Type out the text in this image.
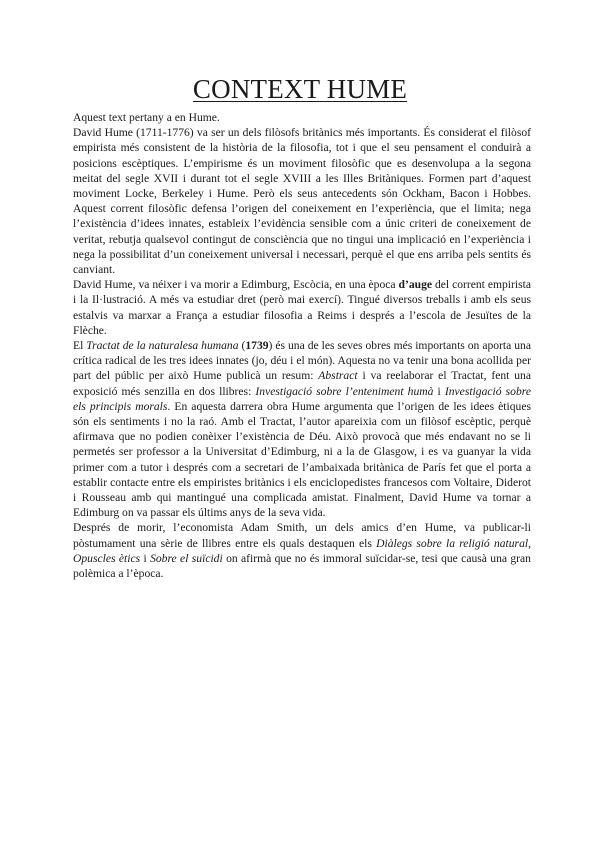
CONTEXT HUME

Aquest text pertany a en Hume.

David Hume (1711-1776) va ser un dels filòsofs britànics més importants. És considerat el filòsof empirista més consistent de la història de la filosofia, tot i que el seu pensament el conduirà a posicions escèptiques. L’empirisme és un moviment filosòfic que es desenvolupa a la segona meitat del segle XVII i durant tot el segle XVIII a les Illes Britàniques. Formen part d’aquest moviment Locke, Berkeley i Hume. Però els seus antecedents són Ockham, Bacon i Hobbes. Aquest corrent filosòfic defensa l’origen del coneixement en l’experiència, que el limita; nega l’existència d’idees innates, estableix l’evidència sensible com a únic criteri de coneixement de veritat, rebutja qualsevol contingut de consciència que no tingui una implicació en l’experiència i nega la possibilitat d’un coneixement universal i necessari, perquè el que ens arriba pels sentits és canviant.

David Hume, va néixer i va morir a Edimburg, Escòcia, en una època d’auge del corrent empirista i la Il·lustració. A més va estudiar dret (però mai exercí). Tingué diversos treballs i amb els seus estalvis va marxar a França a estudiar filosofia a Reims i després a l’escola de Jesuïtes de la Flèche.

El Tractat de la naturalesa humana (1739) és una de les seves obres més importants on aporta una crítica radical de les tres idees innates (jo, déu i el món). Aquesta no va tenir una bona acollida per part del públic per això Hume publicà un resum: Abstract i va reelaborar el Tractat, fent una exposició més senzilla en dos llibres: Investigació sobre l’enteniment humà i Investigació sobre els principis morals. En aquesta darrera obra Hume argumenta que l’origen de les idees ètiques són els sentiments i no la raó. Amb el Tractat, l’autor apareixia com un filòsof escèptic, perquè afirmava que no podien conèixer l’existència de Déu. Això provocà que més endavant no se li permetés ser professor a la Universitat d’Edimburg, ni a la de Glasgow, i es va guanyar la vida primer com a tutor i després com a secretari de l’ambaixada britànica de París fet que el porta a establir contacte entre els empiristes britànics i els enciclopedistes francesos com Voltaire, Diderot i Rousseau amb qui mantingué una complicada amistat. Finalment, David Hume va tornar a Edimburg on va passar els últims anys de la seva vida.

Després de morir, l’economista Adam Smith, un dels amics d’en Hume, va publicar-li pòstumament una sèrie de llibres entre els quals destaquen els Diàlegs sobre la religió natural, Opuscles ètics i Sobre el suïcidi on afirmà que no és immoral suïcidar-se, tesi que causà una gran polèmica a l’època.
